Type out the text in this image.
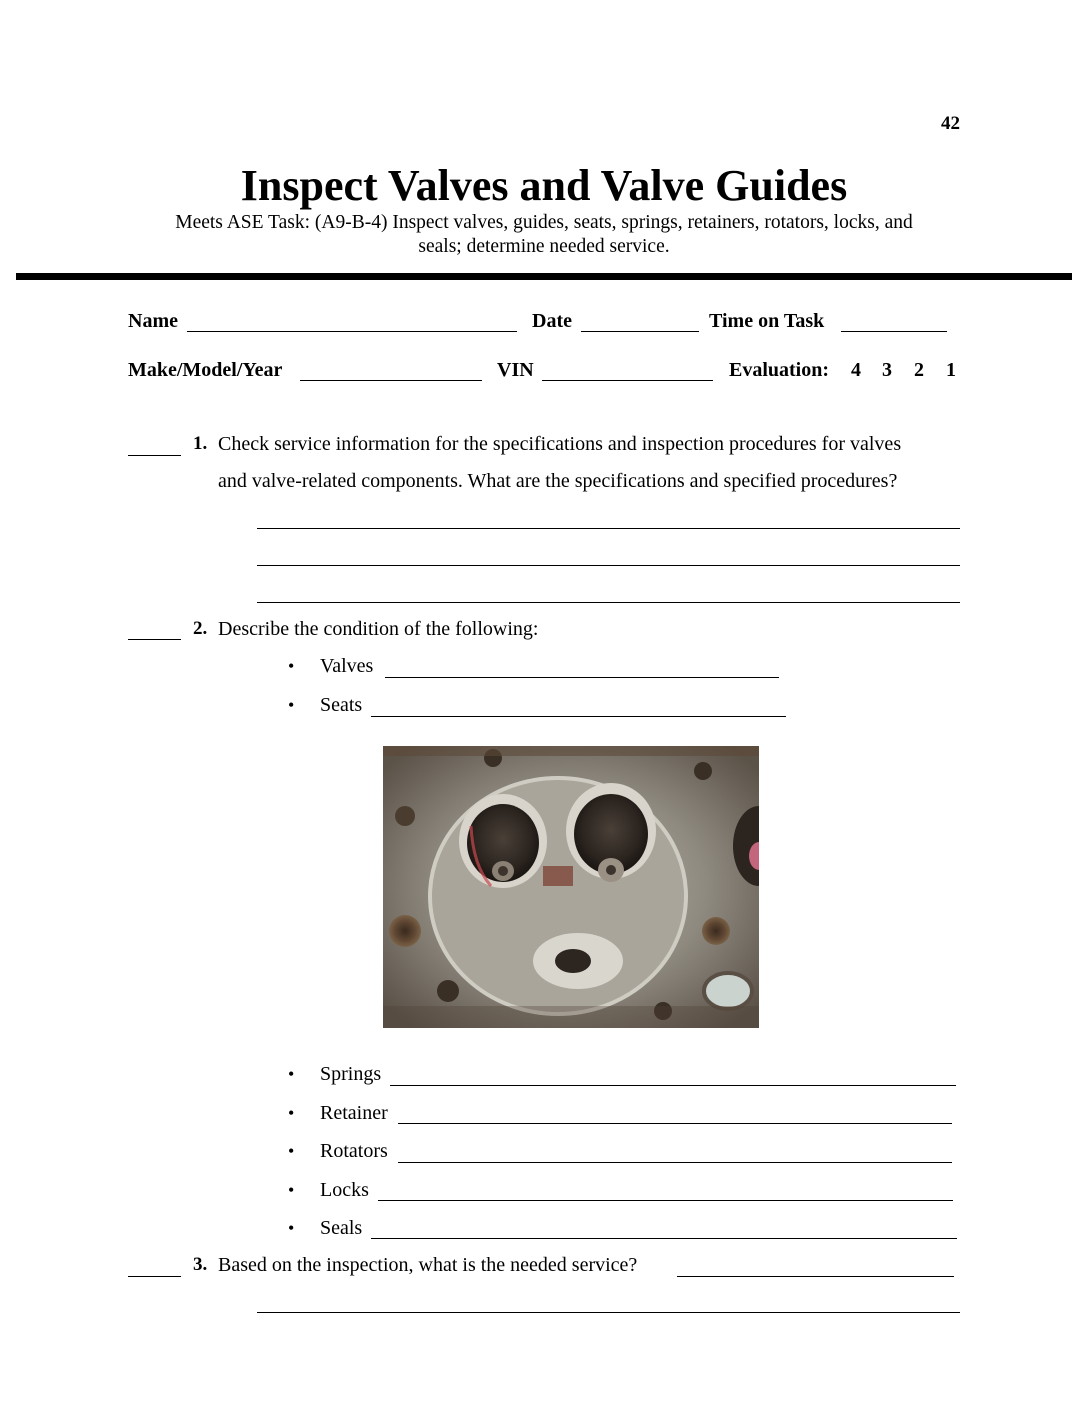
42
Inspect Valves and Valve Guides
Meets ASE Task: (A9-B-4) Inspect valves, guides, seats, springs, retainers, rotators, locks, and
seals; determine needed service.
Name	Date	Time on Task
Make/Model/Year	VIN	Evaluation: 4 3 2 1
1. Check service information for the specifications and inspection procedures for valves
and valve-related components. What are the specifications and specified procedures?
2. Describe the condition of the following:
• Valves
• Seats
• Springs
• Retainer
• Rotators
• Locks
• Seals
3. Based on the inspection, what is the needed service?
